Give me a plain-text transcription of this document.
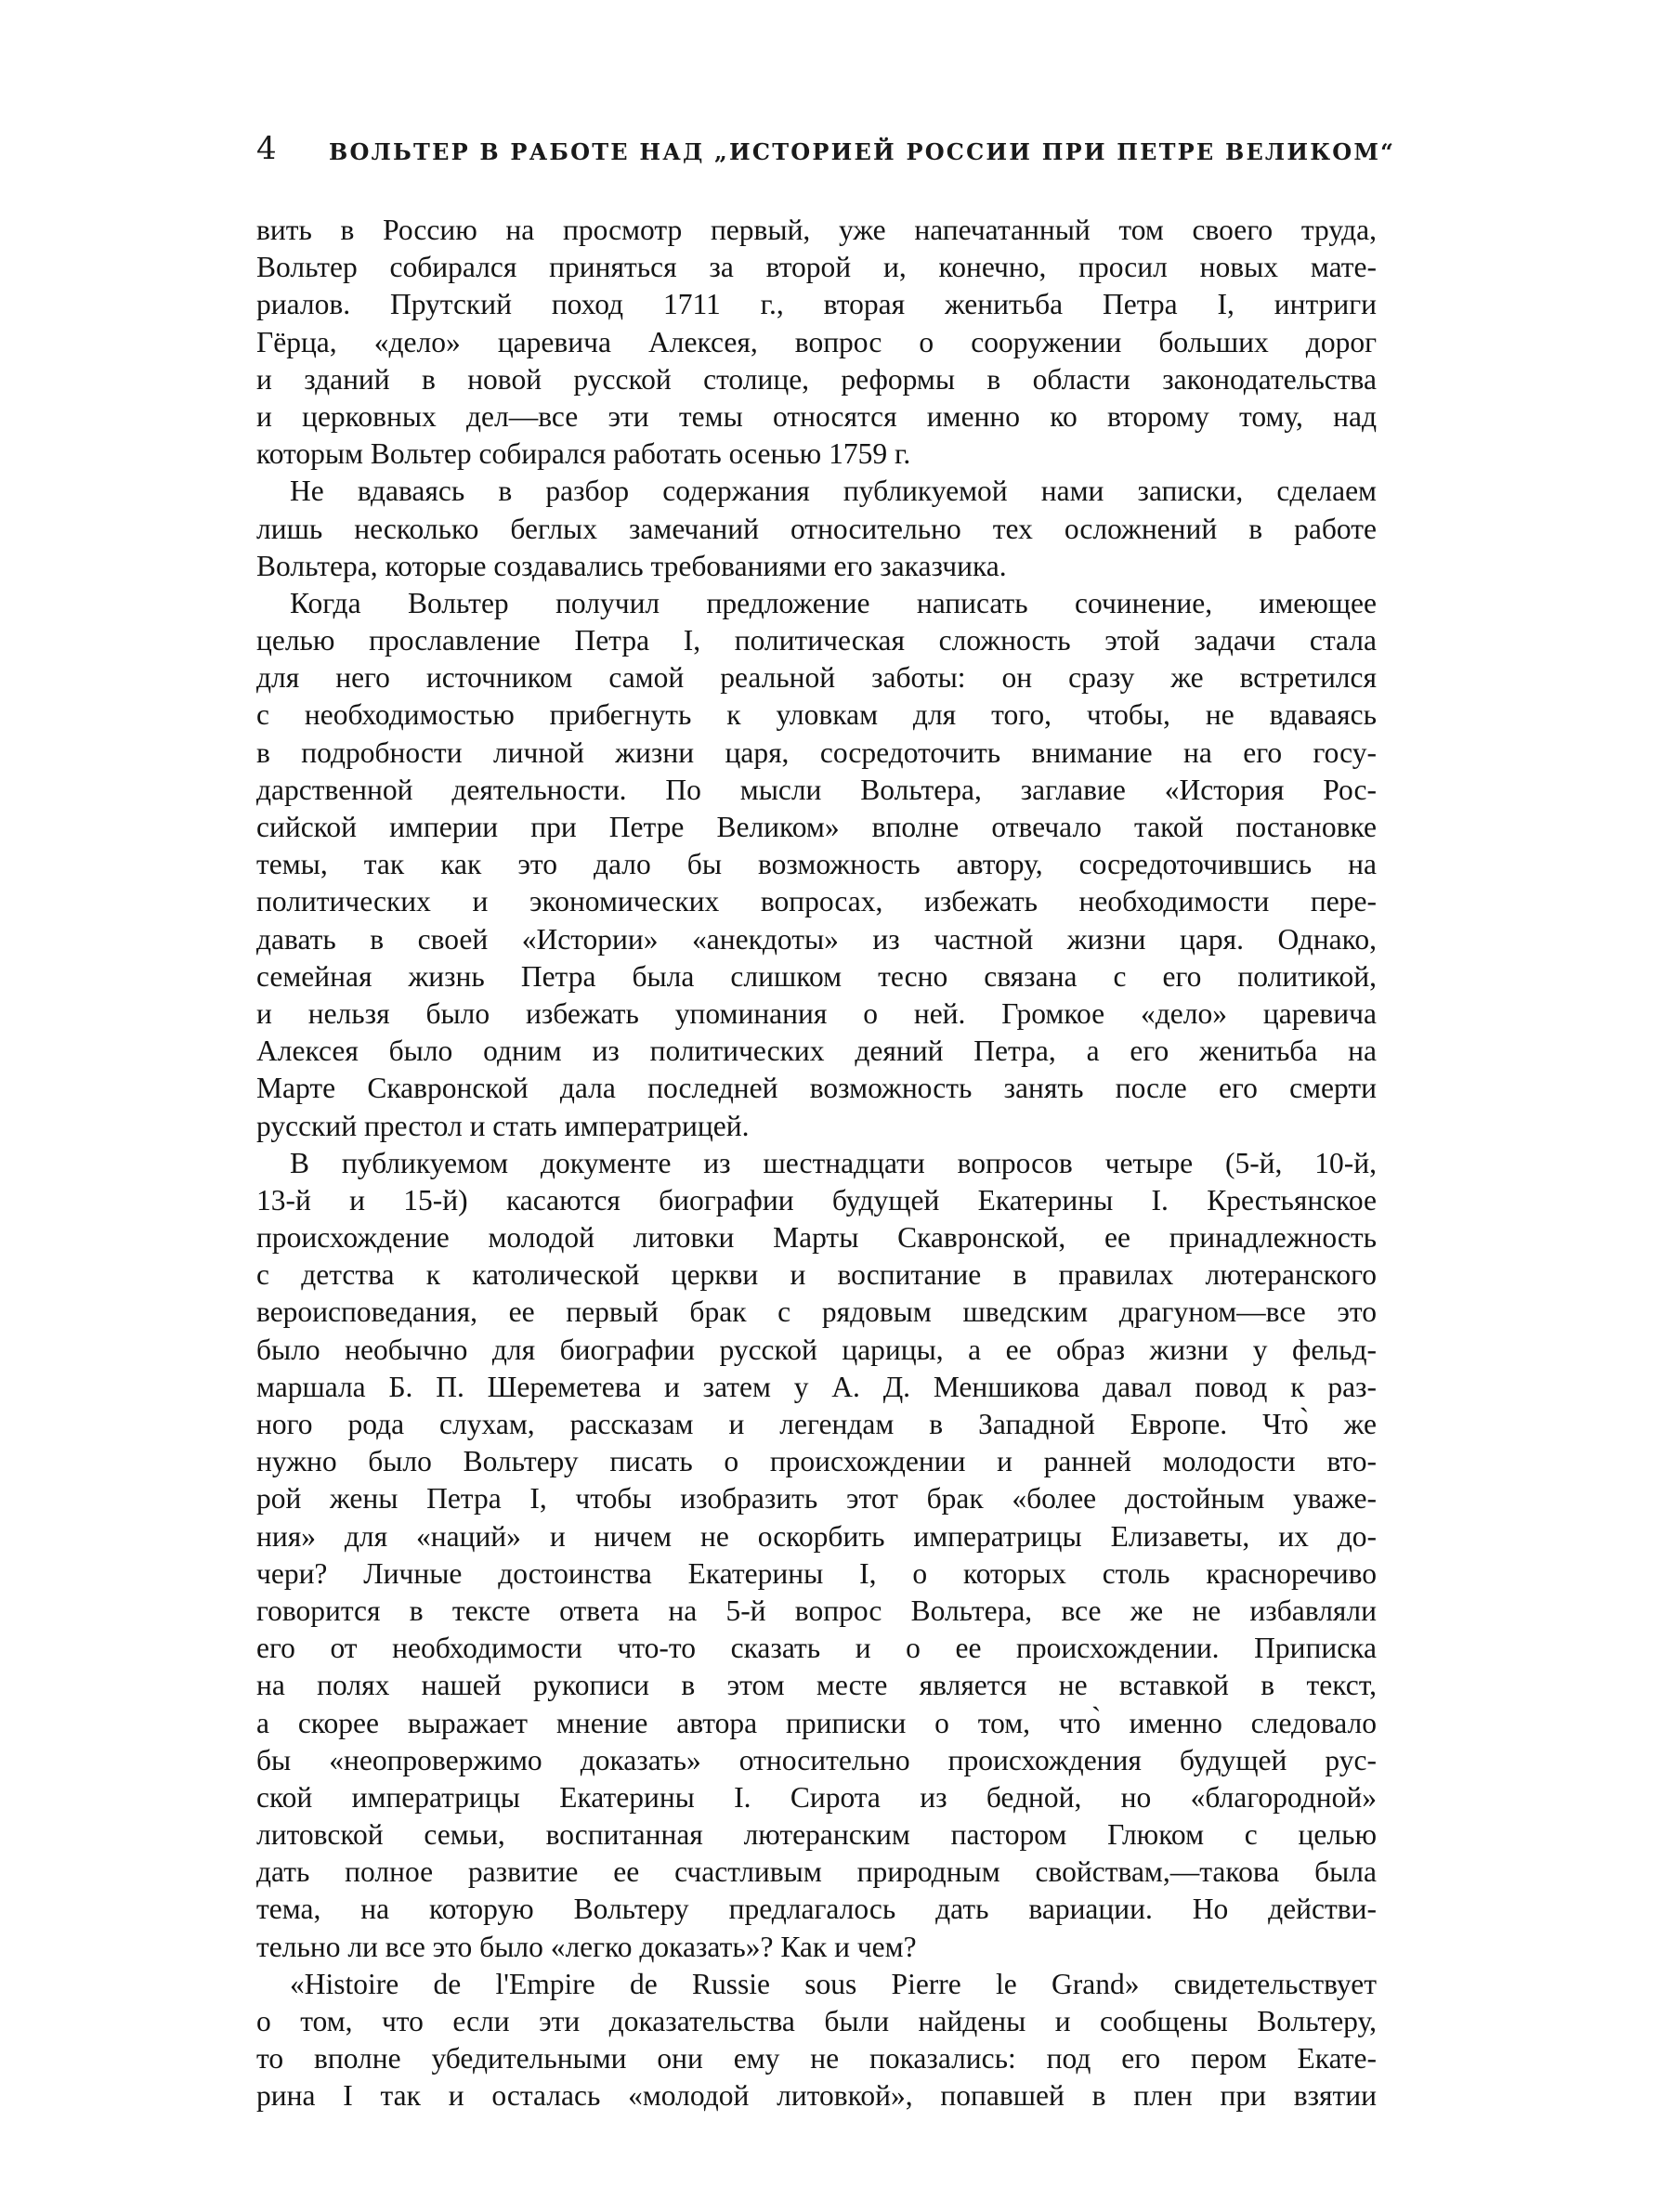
4 ВОЛЬТЕР В РАБОТЕ НАД „ИСТОРИЕЙ РОССИИ ПРИ ПЕТРЕ ВЕЛИКОМ“
вить в Россию на просмотр первый, уже напечатанный том своего труда,
Вольтер собирался приняться за второй и, конечно, просил новых мате-
риалов. Прутский поход 1711 г., вторая женитьба Петра I, интриги
Гёрца, «дело» царевича Алексея, вопрос о сооружении больших дорог
и зданий в новой русской столице, реформы в области законодательства
и церковных дел—все эти темы относятся именно ко второму тому, над
которым Вольтер собирался работать осенью 1759 г.
Не вдаваясь в разбор содержания публикуемой нами записки, сделаем
лишь несколько беглых замечаний относительно тех осложнений в работе
Вольтера, которые создавались требованиями его заказчика.
Когда Вольтер получил предложение написать сочинение, имеющее
целью прославление Петра I, политическая сложность этой задачи стала
для него источником самой реальной заботы: он сразу же встретился
с необходимостью прибегнуть к уловкам для того, чтобы, не вдаваясь
в подробности личной жизни царя, сосредоточить внимание на его госу-
дарственной деятельности. По мысли Вольтера, заглавие «История Рос-
сийской империи при Петре Великом» вполне отвечало такой постановке
темы, так как это дало бы возможность автору, сосредоточившись на
политических и экономических вопросах, избежать необходимости пере-
давать в своей «Истории» «анекдоты» из частной жизни царя. Однако,
семейная жизнь Петра была слишком тесно связана с его политикой,
и нельзя было избежать упоминания о ней. Громкое «дело» царевича
Алексея было одним из политических деяний Петра, а его женитьба на
Марте Скавронской дала последней возможность занять после его смерти
русский престол и стать императрицей.
В публикуемом документе из шестнадцати вопросов четыре (5-й, 10-й,
13-й и 15-й) касаются биографии будущей Екатерины I. Крестьянское
происхождение молодой литовки Марты Скавронской, ее принадлежность
с детства к католической церкви и воспитание в правилах лютеранского
вероисповедания, ее первый брак с рядовым шведским драгуном—все это
было необычно для биографии русской царицы, а ее образ жизни у фельд-
маршала Б. П. Шереметева и затем у А. Д. Меншикова давал повод к раз-
ного рода слухам, рассказам и легендам в Западной Европе. Что̀ же
нужно было Вольтеру писать о происхождении и ранней молодости вто-
рой жены Петра I, чтобы изобразить этот брак «более достойным уваже-
ния» для «наций» и ничем не оскорбить императрицы Елизаветы, их до-
чери? Личные достоинства Екатерины I, о которых столь красноречиво
говорится в тексте ответа на 5-й вопрос Вольтера, все же не избавляли
его от необходимости что-то сказать и о ее происхождении. Приписка
на полях нашей рукописи в этом месте является не вставкой в текст,
а скорее выражает мнение автора приписки о том, что̀ именно следовало
бы «неопровержимо доказать» относительно происхождения будущей рус-
ской императрицы Екатерины I. Сирота из бедной, но «благородной»
литовской семьи, воспитанная лютеранским пастором Глюком с целью
дать полное развитие ее счастливым природным свойствам,—такова была
тема, на которую Вольтеру предлагалось дать вариации. Но действи-
тельно ли все это было «легко доказать»? Как и чем?
«Histoire de l'Empire de Russie sous Pierre le Grand» свидетельствует
о том, что если эти доказательства были найдены и сообщены Вольтеру,
то вполне убедительными они ему не показались: под его пером Екате-
рина I так и осталась «молодой литовкой», попавшей в плен при взятии
